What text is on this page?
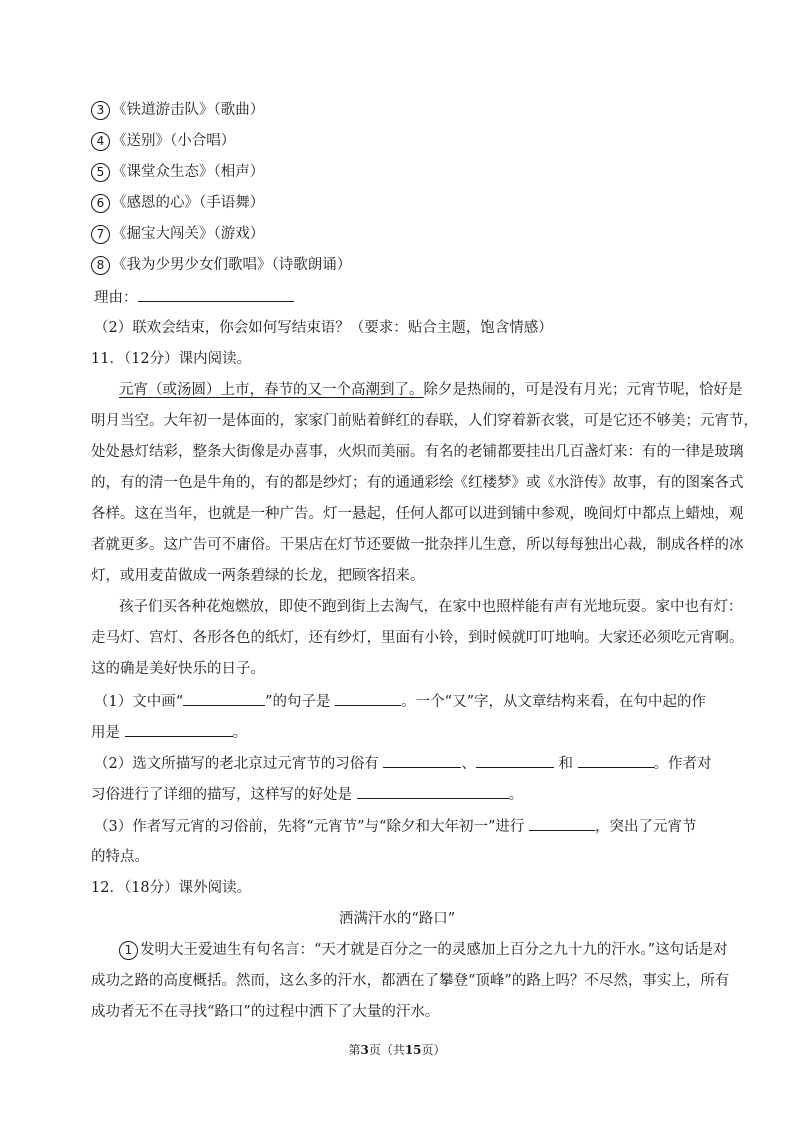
3 《铁道游击队》（歌曲）
4 《送别》（小合唱）
5 《课堂众生态》（相声）
6 《感恩的心》（手语舞）
7 《掘宝大闯关》（游戏）
8 《我为少男少女们歌唱》（诗歌朗诵）
理由：
（2）联欢会结束，你会如何写结束语？（要求：贴合主题，饱含情感）
11．（12分）课内阅读。
元宵（或汤圆）上市，春节的又一个高潮到了。除夕是热闹的，可是没有月光；元宵节呢，恰好是
明月当空。大年初一是体面的，家家门前贴着鲜红的春联，人们穿着新衣裳，可是它还不够美；元宵节，
处处悬灯结彩，整条大街像是办喜事，火炽而美丽。有名的老铺都要挂出几百盏灯来：有的一律是玻璃
的，有的清一色是牛角的，有的都是纱灯；有的通通彩绘《红楼梦》或《水浒传》故事，有的图案各式
各样。这在当年，也就是一种广告。灯一悬起，任何人都可以进到铺中参观，晚间灯中都点上蜡烛，观
者就更多。这广告可不庸俗。干果店在灯节还要做一批杂拌儿生意，所以每每独出心裁，制成各样的冰
灯，或用麦苗做成一两条碧绿的长龙，把顾客招来。
孩子们买各种花炮燃放，即使不跑到街上去淘气，在家中也照样能有声有光地玩耍。家中也有灯：
走马灯、宫灯、各形各色的纸灯，还有纱灯，里面有小铃，到时候就叮叮地响。大家还必须吃元宵啊。
这的确是美好快乐的日子。
（1）文中画“	”的句子是	。一个“又”字，从文章结构来看，在句中起的作
用是	。
（2）选文所描写的老北京过元宵节的习俗有	、	和	。作者对
习俗进行了详细的描写，这样写的好处是	。
（3）作者写元宵的习俗前，先将“元宵节”与“除夕和大年初一”进行	，突出了元宵节
的特点。
12．（18分）课外阅读。
洒满汗水的“路口”
1 发明大王爱迪生有句名言：“天才就是百分之一的灵感加上百分之九十九的汗水。”这句话是对
成功之路的高度概括。然而，这么多的汗水，都洒在了攀登“顶峰”的路上吗？不尽然，事实上，所有
成功者无不在寻找“路口”的过程中洒下了大量的汗水。
第3页（共15页）
